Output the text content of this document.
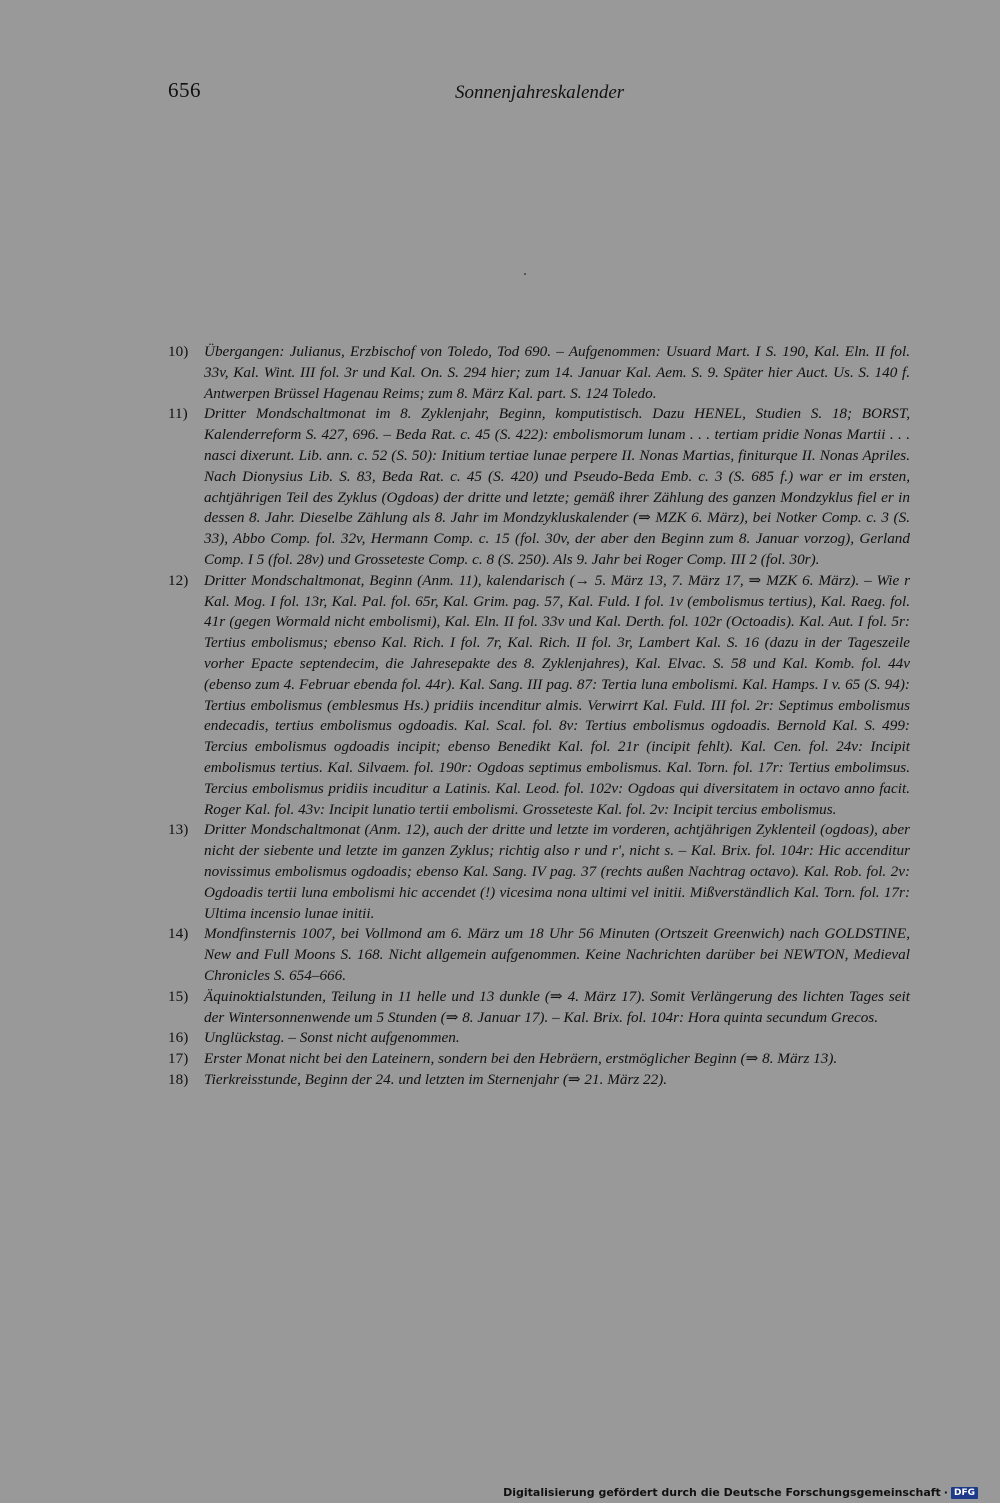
656	Sonnenjahreskalender
10) Übergangen: Julianus, Erzbischof von Toledo, Tod 690. – Aufgenommen: Usuard Mart. I S. 190, Kal. Eln. II fol. 33v, Kal. Wint. III fol. 3r und Kal. On. S. 294 hier; zum 14. Januar Kal. Aem. S. 9. Später hier Auct. Us. S. 140 f. Antwerpen Brüssel Hagenau Reims; zum 8. März Kal. part. S. 124 Toledo.
11) Dritter Mondschaltmonat im 8. Zyklenjahr, Beginn, komputistisch. Dazu HENEL, Studien S. 18; BORST, Kalenderreform S. 427, 696. – Beda Rat. c. 45 (S. 422): embolismorum lunam . . . tertiam pridie Nonas Martii . . . nasci dixerunt. Lib. ann. c. 52 (S. 50): Initium tertiae lunae perpere II. Nonas Martias, finiturque II. Nonas Apriles. Nach Dionysius Lib. S. 83, Beda Rat. c. 45 (S. 420) und Pseudo-Beda Emb. c. 3 (S. 685 f.) war er im ersten, achtjährigen Teil des Zyklus (Ogdoas) der dritte und letzte; gemäß ihrer Zählung des ganzen Mondzyklus fiel er in dessen 8. Jahr. Dieselbe Zählung als 8. Jahr im Mondzykluskalender (⇒ MZK 6. März), bei Notker Comp. c. 3 (S. 33), Abbo Comp. fol. 32v, Hermann Comp. c. 15 (fol. 30v, der aber den Beginn zum 8. Januar vorzog), Gerland Comp. I 5 (fol. 28v) und Grosseteste Comp. c. 8 (S. 250). Als 9. Jahr bei Roger Comp. III 2 (fol. 30r).
12) Dritter Mondschaltmonat, Beginn (Anm. 11), kalendarisch (→ 5. März 13, 7. März 17, ⇒ MZK 6. März). – Wie r Kal. Mog. I fol. 13r, Kal. Pal. fol. 65r, Kal. Grim. pag. 57, Kal. Fuld. I fol. 1v (embolismus tertius), Kal. Raeg. fol. 41r (gegen Wormald nicht embolismi), Kal. Eln. II fol. 33v und Kal. Derth. fol. 102r (Octoadis). Kal. Aut. I fol. 5r: Tertius embolismus; ebenso Kal. Rich. I fol. 7r, Kal. Rich. II fol. 3r, Lambert Kal. S. 16 (dazu in der Tageszeile vorher Epacte septendecim, die Jahresepakte des 8. Zyklenjahres), Kal. Elvac. S. 58 und Kal. Komb. fol. 44v (ebenso zum 4. Februar ebenda fol. 44r). Kal. Sang. III pag. 87: Tertia luna embolismi. Kal. Hamps. I v. 65 (S. 94): Tertius embolismus (emblesmus Hs.) pridiis incenditur almis. Verwirrt Kal. Fuld. III fol. 2r: Septimus embolismus endecadis, tertius embolismus ogdoadis. Kal. Scal. fol. 8v: Tertius embolismus ogdoadis. Bernold Kal. S. 499: Tercius embolismus ogdoadis incipit; ebenso Benedikt Kal. fol. 21r (incipit fehlt). Kal. Cen. fol. 24v: Incipit embolismus tertius. Kal. Silvaem. fol. 190r: Ogdoas septimus embolismus. Kal. Torn. fol. 17r: Tertius embolimsus. Tercius embolismus pridiis incuditur a Latinis. Kal. Leod. fol. 102v: Ogdoas qui diversitatem in octavo anno facit. Roger Kal. fol. 43v: Incipit lunatio tertii embolismi. Grosseteste Kal. fol. 2v: Incipit tercius embolismus.
13) Dritter Mondschaltmonat (Anm. 12), auch der dritte und letzte im vorderen, achtjährigen Zyklenteil (ogdoas), aber nicht der siebente und letzte im ganzen Zyklus; richtig also r und r', nicht s. – Kal. Brix. fol. 104r: Hic accenditur novissimus embolismus ogdoadis; ebenso Kal. Sang. IV pag. 37 (rechts außen Nachtrag octavo). Kal. Rob. fol. 2v: Ogdoadis tertii luna embolismi hic accendet (!) vicesima nona ultimi vel initii. Mißverständlich Kal. Torn. fol. 17r: Ultima incensio lunae initii.
14) Mondfinsternis 1007, bei Vollmond am 6. März um 18 Uhr 56 Minuten (Ortszeit Greenwich) nach GOLDSTINE, New and Full Moons S. 168. Nicht allgemein aufgenommen. Keine Nachrichten darüber bei NEWTON, Medieval Chronicles S. 654–666.
15) Äquinoktialstunden, Teilung in 11 helle und 13 dunkle (⇒ 4. März 17). Somit Verlängerung des lichten Tages seit der Wintersonnenwende um 5 Stunden (⇒ 8. Januar 17). – Kal. Brix. fol. 104r: Hora quinta secundum Grecos.
16) Unglückstag. – Sonst nicht aufgenommen.
17) Erster Monat nicht bei den Lateinern, sondern bei den Hebräern, erstmöglicher Beginn (⇒ 8. März 13).
18) Tierkreisstunde, Beginn der 24. und letzten im Sternenjahr (⇒ 21. März 22).
Digitalisierung gefördert durch die Deutsche Forschungsgemeinschaft · DFG
